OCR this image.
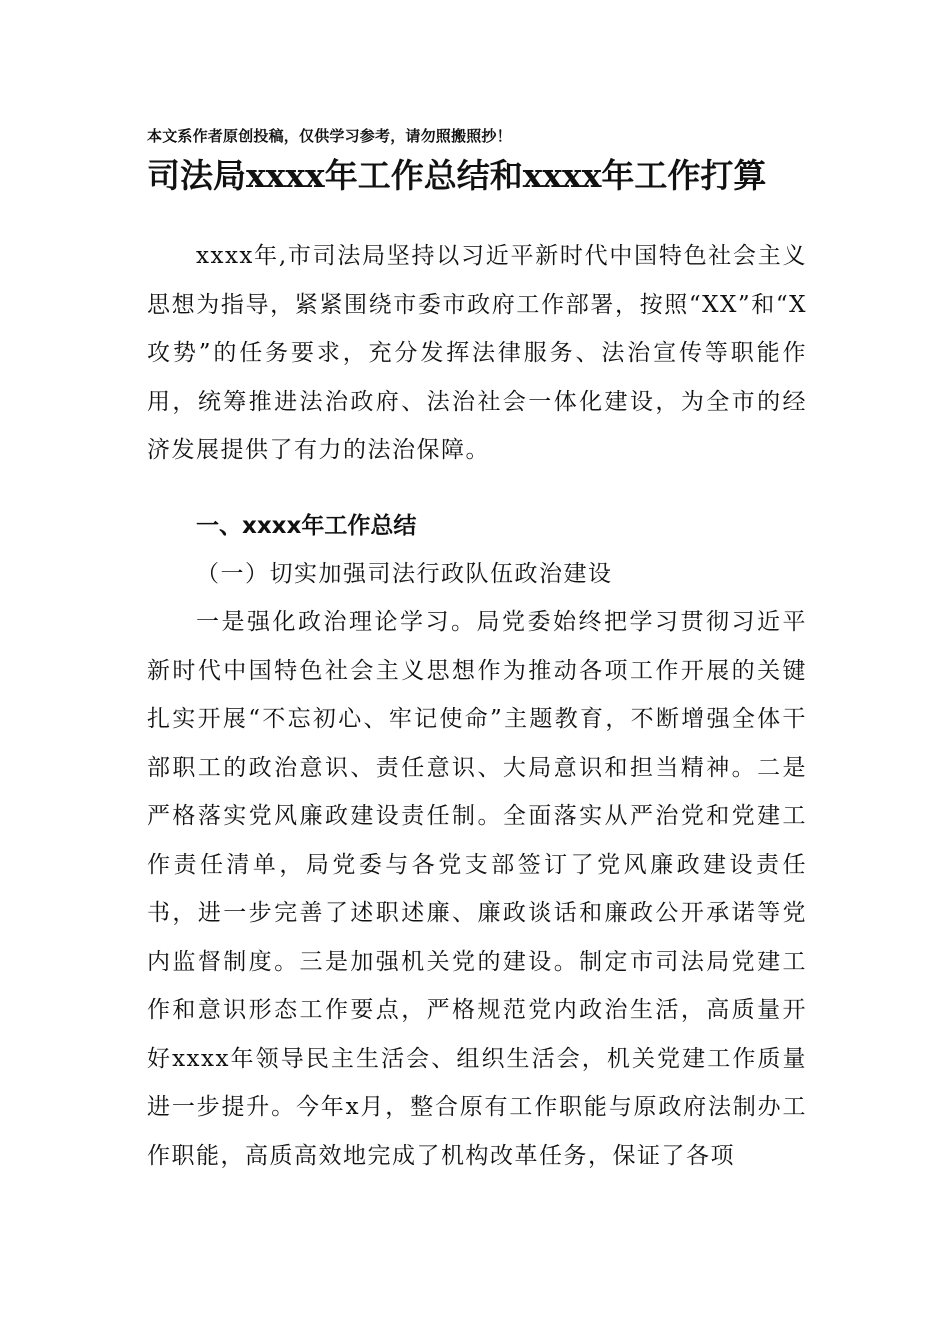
本文系作者原创投稿，仅供学习参考，请勿照搬照抄！
司法局xxxx年工作总结和xxxx年工作打算
xxxx年,市司法局坚持以习近平新时代中国特色社会主义思想为指导，紧紧围绕市委市政府工作部署，按照“XX”和“X攻势”的任务要求，充分发挥法律服务、法治宣传等职能作用，统筹推进法治政府、法治社会一体化建设，为全市的经济发展提供了有力的法治保障。
一、xxxx年工作总结
（一）切实加强司法行政队伍政治建设
一是强化政治理论学习。局党委始终把学习贯彻习近平新时代中国特色社会主义思想作为推动各项工作开展的关键扎实开展“不忘初心、牢记使命”主题教育，不断增强全体干部职工的政治意识、责任意识、大局意识和担当精神。二是严格落实党风廉政建设责任制。全面落实从严治党和党建工作责任清单，局党委与各党支部签订了党风廉政建设责任书，进一步完善了述职述廉、廉政谈话和廉政公开承诺等党内监督制度。三是加强机关党的建设。制定市司法局党建工作和意识形态工作要点，严格规范党内政治生活，高质量开好xxxx年领导民主生活会、组织生活会，机关党建工作质量进一步提升。今年x月，整合原有工作职能与原政府法制办工作职能，高质高效地完成了机构改革任务，保证了各项
